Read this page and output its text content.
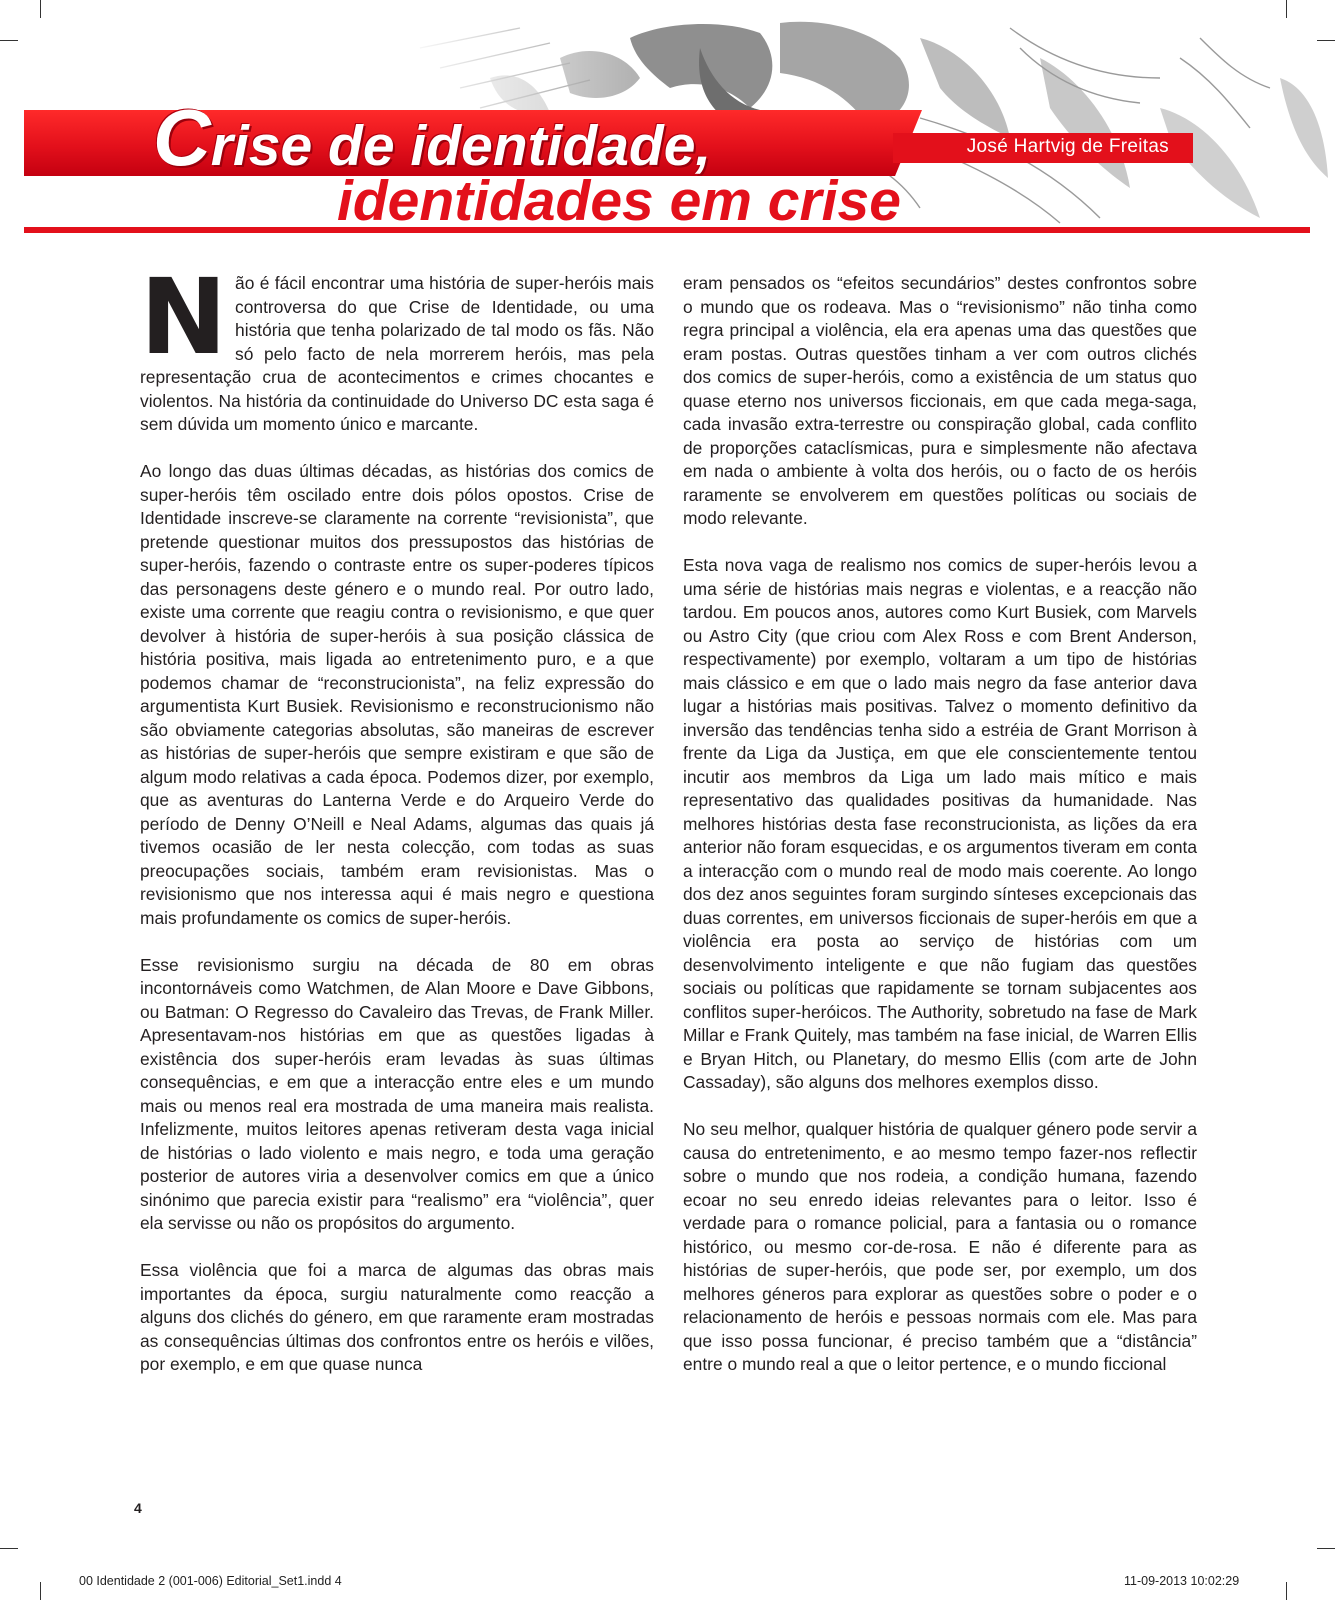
José Hartvig de Freitas
Crise de identidade,
identidades em crise

Não é fácil encontrar uma história de super-heróis mais controversa do que Crise de Identidade, ou uma história que tenha polarizado de tal modo os fãs. Não só pelo facto de nela morrerem heróis, mas pela representação crua de acontecimentos e crimes chocantes e violentos. Na história da continuidade do Universo DC esta saga é sem dúvida um momento único e marcante.

Ao longo das duas últimas décadas, as histórias dos comics de super-heróis têm oscilado entre dois pólos opostos. Crise de Identidade inscreve-se claramente na corrente “revisionista”, que pretende questionar muitos dos pressupostos das histórias de super-heróis, fazendo o contraste entre os super-poderes típicos das personagens deste género e o mundo real. Por outro lado, existe uma corrente que reagiu contra o revisionismo, e que quer devolver à história de super-heróis à sua posição clássica de história positiva, mais ligada ao entretenimento puro, e a que podemos chamar de “reconstrucionista”, na feliz expressão do argumentista Kurt Busiek. Revisionismo e reconstrucionismo não são obviamente categorias absolutas, são maneiras de escrever as histórias de super-heróis que sempre existiram e que são de algum modo relativas a cada época. Podemos dizer, por exemplo, que as aventuras do Lanterna Verde e do Arqueiro Verde do período de Denny O’Neill e Neal Adams, algumas das quais já tivemos ocasião de ler nesta colecção, com todas as suas preocupações sociais, também eram revisionistas. Mas o revisionismo que nos interessa aqui é mais negro e questiona mais profundamente os comics de super-heróis.

Esse revisionismo surgiu na década de 80 em obras incontornáveis como Watchmen, de Alan Moore e Dave Gibbons, ou Batman: O Regresso do Cavaleiro das Trevas, de Frank Miller. Apresentavam-nos histórias em que as questões ligadas à existência dos super-heróis eram levadas às suas últimas consequências, e em que a interacção entre eles e um mundo mais ou menos real era mostrada de uma maneira mais realista. Infelizmente, muitos leitores apenas retiveram desta vaga inicial de histórias o lado violento e mais negro, e toda uma geração posterior de autores viria a desenvolver comics em que a único sinónimo que parecia existir para “realismo” era “violência”, quer ela servisse ou não os propósitos do argumento.

Essa violência que foi a marca de algumas das obras mais importantes da época, surgiu naturalmente como reacção a alguns dos clichés do género, em que raramente eram mostradas as consequências últimas dos confrontos entre os heróis e vilões, por exemplo, e em que quase nunca

eram pensados os “efeitos secundários” destes confrontos sobre o mundo que os rodeava. Mas o “revisionismo” não tinha como regra principal a violência, ela era apenas uma das questões que eram postas. Outras questões tinham a ver com outros clichés dos comics de super-heróis, como a existência de um status quo quase eterno nos universos ficcionais, em que cada mega-saga, cada invasão extra-terrestre ou conspiração global, cada conflito de proporções cataclísmicas, pura e simplesmente não afectava em nada o ambiente à volta dos heróis, ou o facto de os heróis raramente se envolverem em questões políticas ou sociais de modo relevante.

Esta nova vaga de realismo nos comics de super-heróis levou a uma série de histórias mais negras e violentas, e a reacção não tardou. Em poucos anos, autores como Kurt Busiek, com Marvels ou Astro City (que criou com Alex Ross e com Brent Anderson, respectivamente) por exemplo, voltaram a um tipo de histórias mais clássico e em que o lado mais negro da fase anterior dava lugar a histórias mais positivas. Talvez o momento definitivo da inversão das tendências tenha sido a estréia de Grant Morrison à frente da Liga da Justiça, em que ele conscientemente tentou incutir aos membros da Liga um lado mais mítico e mais representativo das qualidades positivas da humanidade. Nas melhores histórias desta fase reconstrucionista, as lições da era anterior não foram esquecidas, e os argumentos tiveram em conta a interacção com o mundo real de modo mais coerente. Ao longo dos dez anos seguintes foram surgindo sínteses excepcionais das duas correntes, em universos ficcionais de super-heróis em que a violência era posta ao serviço de histórias com um desenvolvimento inteligente e que não fugiam das questões sociais ou políticas que rapidamente se tornam subjacentes aos conflitos super-heróicos. The Authority, sobretudo na fase de Mark Millar e Frank Quitely, mas também na fase inicial, de Warren Ellis e Bryan Hitch, ou Planetary, do mesmo Ellis (com arte de John Cassaday), são alguns dos melhores exemplos disso.

No seu melhor, qualquer história de qualquer género pode servir a causa do entretenimento, e ao mesmo tempo fazer-nos reflectir sobre o mundo que nos rodeia, a condição humana, fazendo ecoar no seu enredo ideias relevantes para o leitor. Isso é verdade para o romance policial, para a fantasia ou o romance histórico, ou mesmo cor-de-rosa. E não é diferente para as histórias de super-heróis, que pode ser, por exemplo, um dos melhores géneros para explorar as questões sobre o poder e o relacionamento de heróis e pessoas normais com ele. Mas para que isso possa funcionar, é preciso também que a “distância” entre o mundo real a que o leitor pertence, e o mundo ficcional

4
00 Identidade 2 (001-006) Editorial_Set1.indd 4	11-09-2013 10:02:29
